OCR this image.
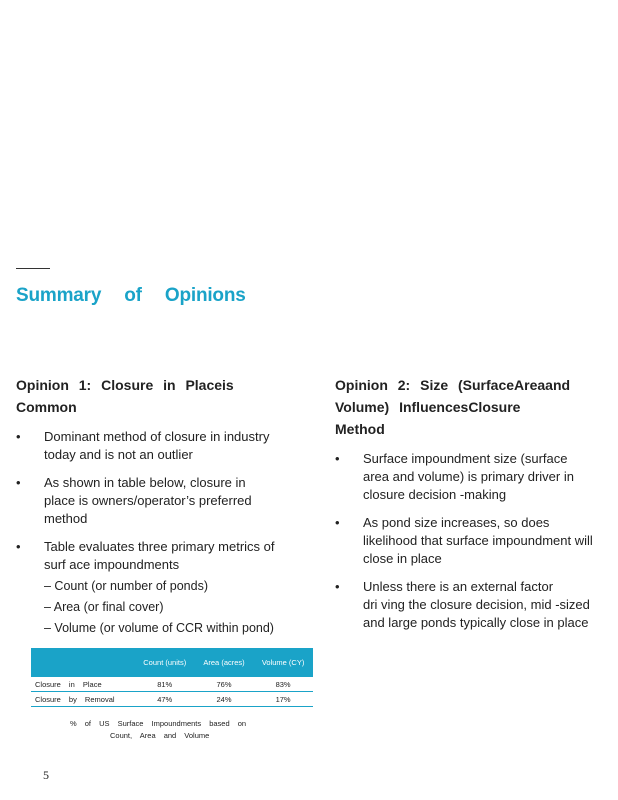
Summary of Opinions
Opinion 1: Closure in Placeis
Common
• Dominant method of closure in industry
today and is not an outlier
• As shown in table below, closure in
place is owners/operator’s preferred
method
• Table evaluates three primary metrics of
surf ace impoundments
– Count (or number of ponds)
– Area (or final cover)
– Volume (or volume of CCR within pond)
Opinion 2: Size (SurfaceAreaand
Volume) InfluencesClosure
Method
• Surface impoundment size (surface
area and volume) is primary driver in
closure decision -making
• As pond size increases, so does
likelihood that surface impoundment will
close in place
• Unless there is an external factor
dri ving the closure decision, mid -sized
and large ponds typically close in place
	Count (units)	Area (acres)	Volume (CY)
Closure in Place	81%	76%	83%
Closure by Removal	47%	24%	17%
% of US Surface Impoundments based on
Count, Area and Volume
5
